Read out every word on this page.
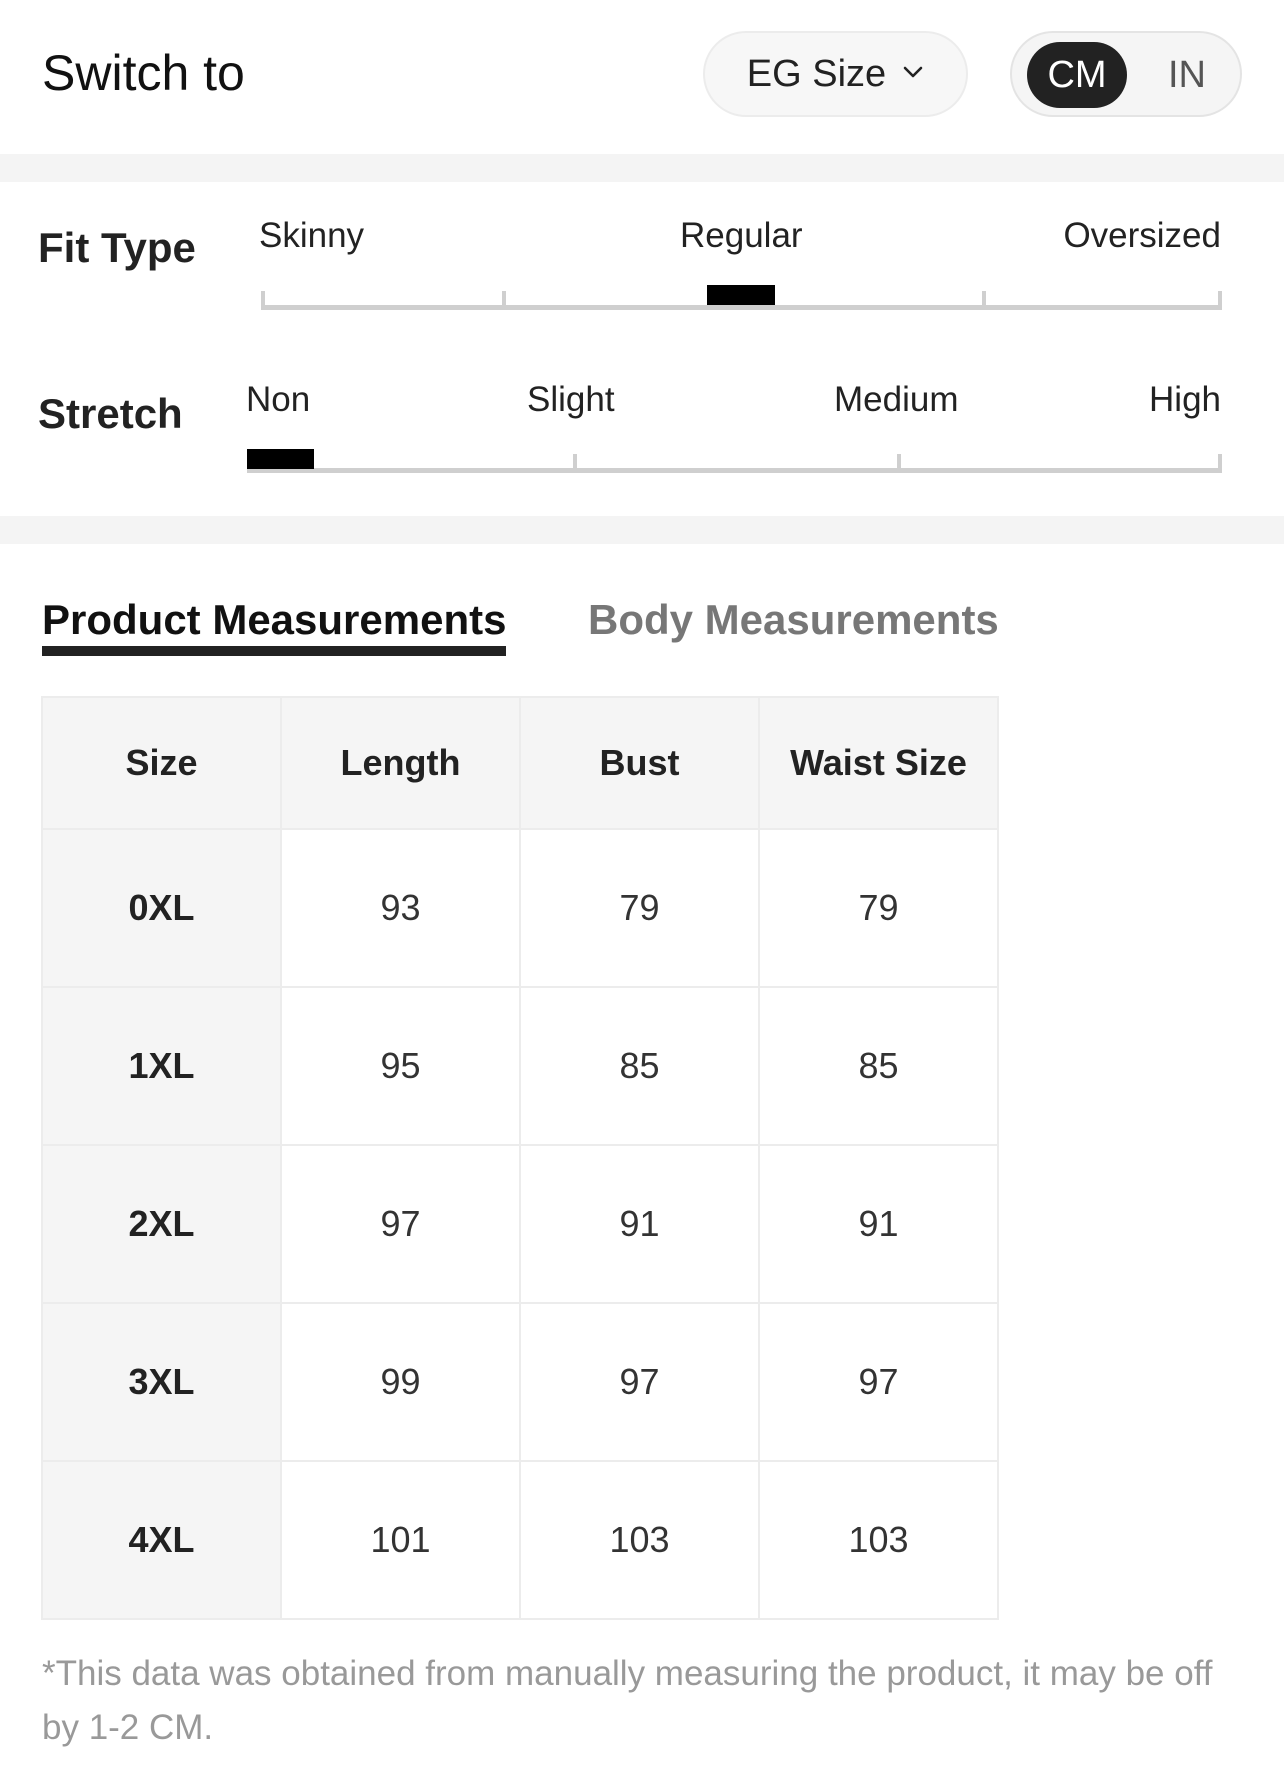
Switch to	EG Size	CM	IN
Fit Type Skinny	Regular	Oversized
Stretch Non	Slight	Medium	High
Product Measurements Body Measurements
Size	Length	Bust	Waist Size
0XL	93	79	79
1XL	95	85	85
2XL	97	91	91
3XL	99	97	97
4XL	101	103	103
*This data was obtained from manually measuring the product, it may be off by 1-2 CM.
